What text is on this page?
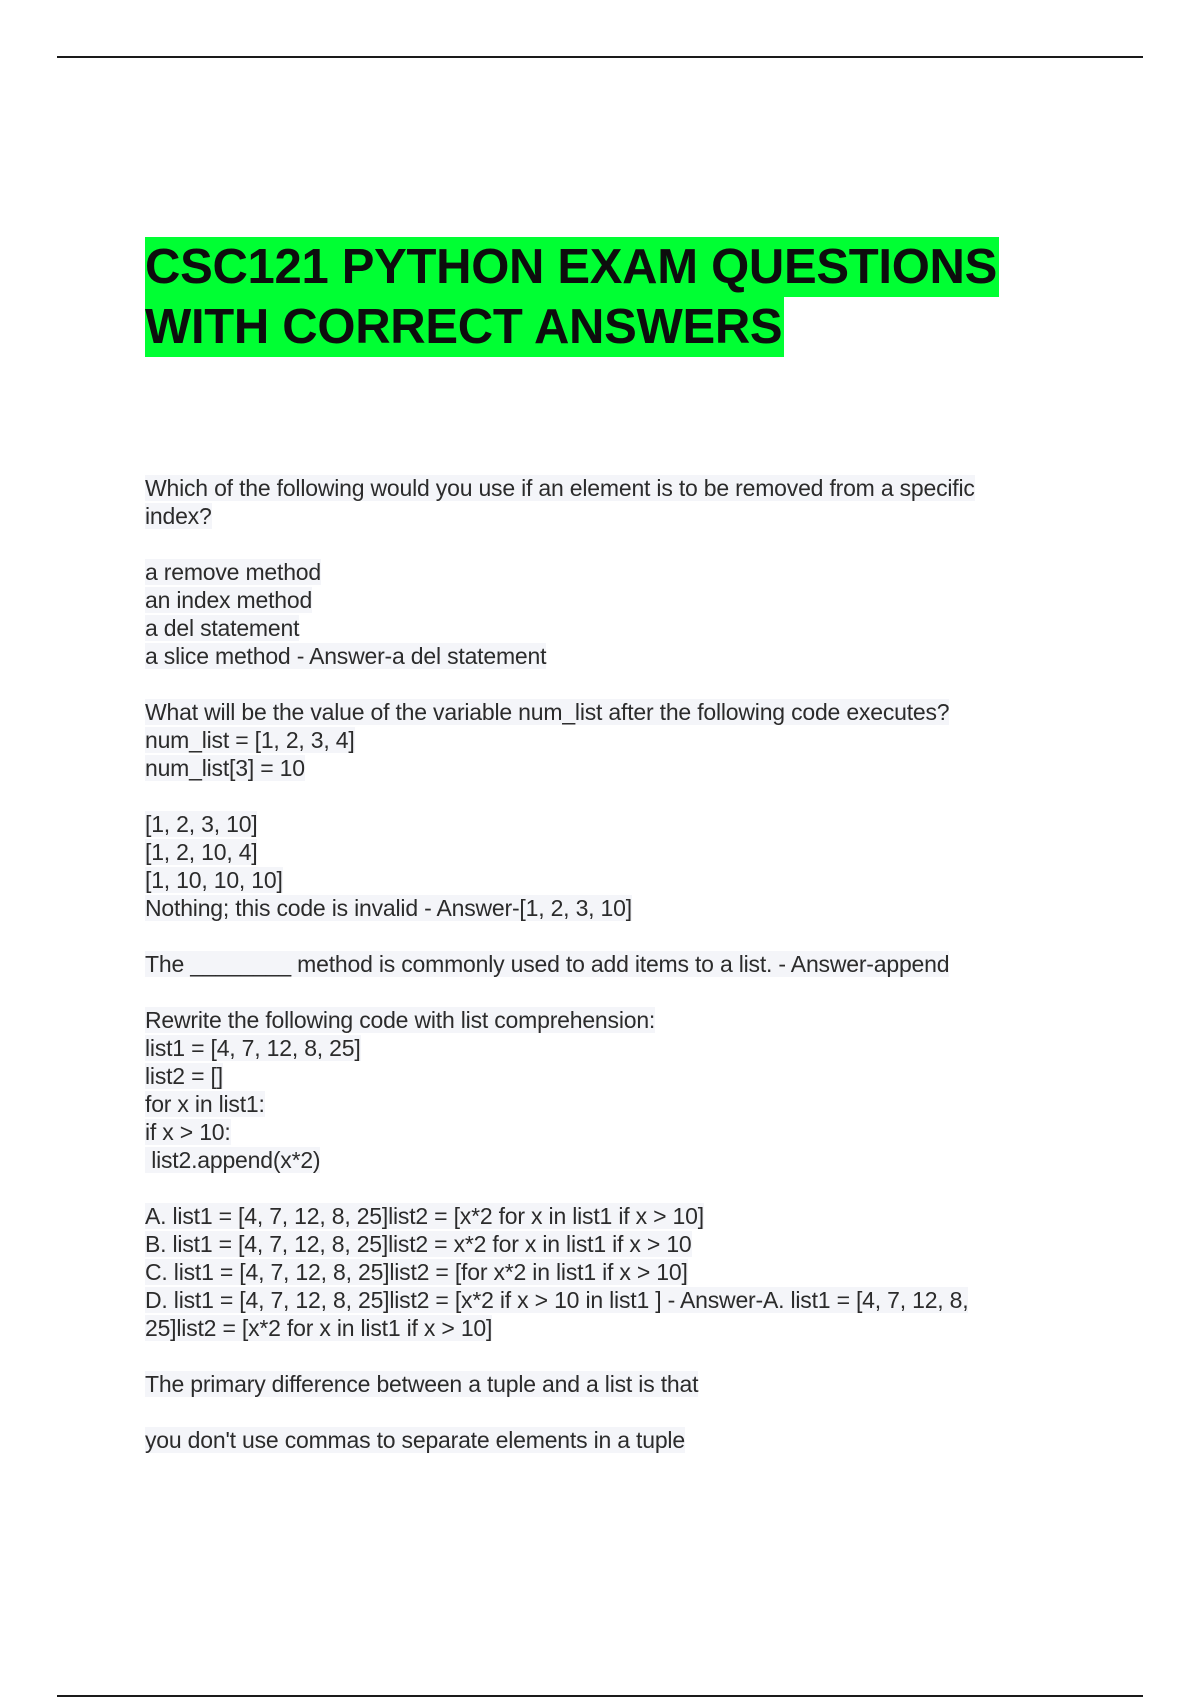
CSC121 PYTHON EXAM QUESTIONS
WITH CORRECT ANSWERS
Which of the following would you use if an element is to be removed from a specific
index?
a remove method
an index method
a del statement
a slice method - Answer-a del statement
What will be the value of the variable num_list after the following code executes?
num_list = [1, 2, 3, 4]
num_list[3] = 10
[1, 2, 3, 10]
[1, 2, 10, 4]
[1, 10, 10, 10]
Nothing; this code is invalid - Answer-[1, 2, 3, 10]
The ________ method is commonly used to add items to a list. - Answer-append
Rewrite the following code with list comprehension:
list1 = [4, 7, 12, 8, 25]
list2 = []
for x in list1:
if x > 10:
list2.append(x*2)
A. list1 = [4, 7, 12, 8, 25]list2 = [x*2 for x in list1 if x > 10]
B. list1 = [4, 7, 12, 8, 25]list2 = x*2 for x in list1 if x > 10
C. list1 = [4, 7, 12, 8, 25]list2 = [for x*2 in list1 if x > 10]
D. list1 = [4, 7, 12, 8, 25]list2 = [x*2 if x > 10 in list1 ] - Answer-A. list1 = [4, 7, 12, 8,
25]list2 = [x*2 for x in list1 if x > 10]
The primary difference between a tuple and a list is that
you don't use commas to separate elements in a tuple
